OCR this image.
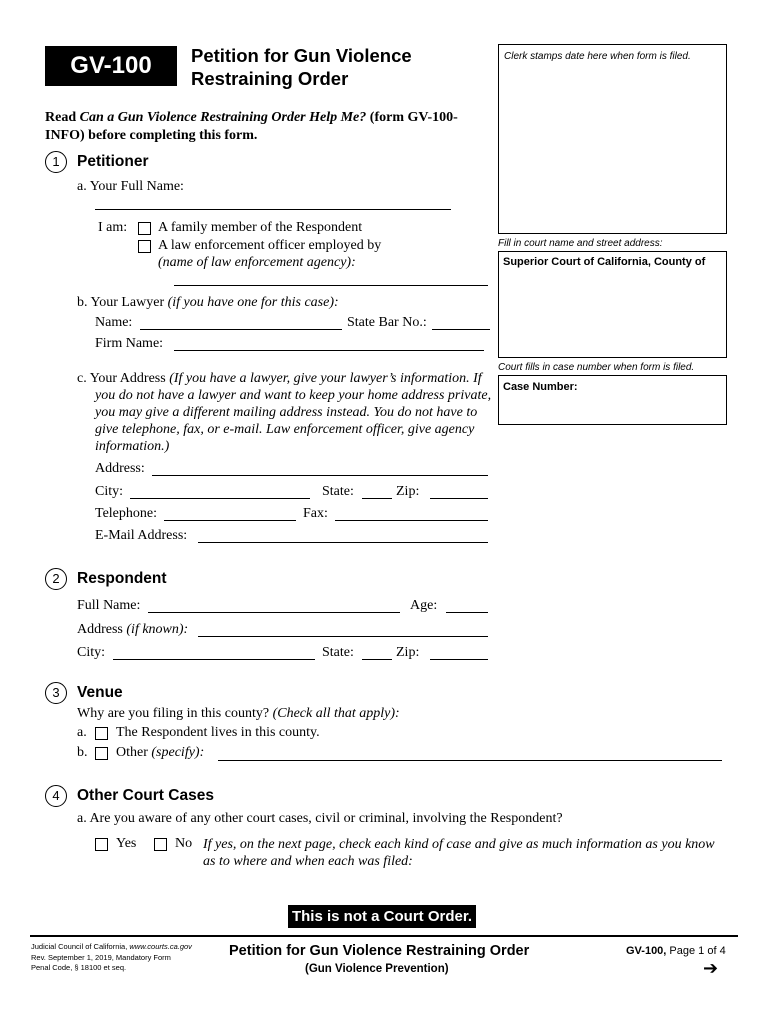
GV-100	Petition for Gun Violence
Restraining Order
Clerk stamps date here when form is filed.
Fill in court name and street address:
Superior Court of California, County of
Court fills in case number when form is filed.
Case Number:
Read Can a Gun Violence Restraining Order Help Me? (form GV-100-
INFO) before completing this form.
1	Petitioner
a. Your Full Name:
I am: A family member of the Respondent
A law enforcement officer employed by
(name of law enforcement agency):
b. Your Lawyer (if you have one for this case):
Name:	State Bar No.:
Firm Name:
c. Your Address (If you have a lawyer, give your lawyer’s information. If
you do not have a lawyer and want to keep your home address private,
you may give a different mailing address instead. You do not have to
give telephone, fax, or e-mail. Law enforcement officer, give agency
information.)
Address:
City:	State:	Zip:
Telephone:	Fax:
E-Mail Address:
2	Respondent
Full Name:	Age:
Address (if known):
City:	State:	Zip:
3	Venue
Why are you filing in this county? (Check all that apply):
a. The Respondent lives in this county.
b. Other (specify):
4	Other Court Cases
a. Are you aware of any other court cases, civil or criminal, involving the Respondent?
Yes	No If yes, on the next page, check each kind of case and give as much information as you know
as to where and when each was filed:
This is not a Court Order.
Judicial Council of California, www.courts.ca.gov
Rev. September 1, 2019, Mandatory Form
Penal Code, § 18100 et seq.
Petition for Gun Violence Restraining Order
(Gun Violence Prevention)
GV-100, Page 1 of 4
➔
